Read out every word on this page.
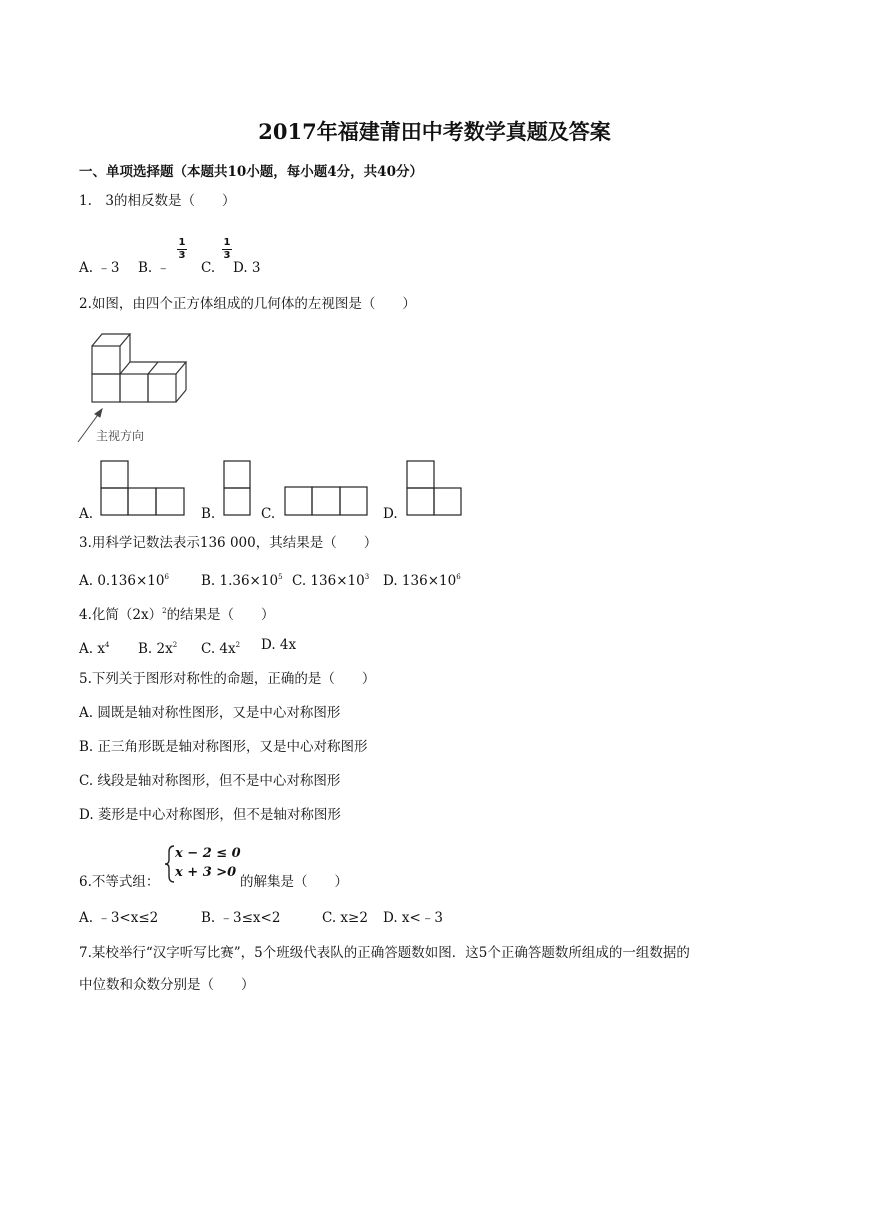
2017年福建莆田中考数学真题及答案
一、单项选择题（本题共10小题，每小题4分，共40分）
1.　3的相反数是（　　）
A. ﹣3 B. ﹣
1
3
C.
1
3
D. 3
2.如图，由四个正方体组成的几何体的左视图是（　　）
主视方向
A.	B.	C.	D.
3.用科学记数法表示136 000，其结果是（　　）
A. $0.136\times 10^6$ B. $1.36\times 10^5$ C. $136\times 10^3$ D. $136\times 10^6$
4.化简$(2x)^2$的结果是（　　）
A. $x^4$ B. $2x^2$ C. $4x^2$ D. 4x
5.下列关于图形对称性的命题，正确的是（　　）
A. 圆既是轴对称性图形，又是中心对称图形
B. 正三角形既是轴对称图形，又是中心对称图形
C. 线段是轴对称图形，但不是中心对称图形
D. 菱形是中心对称图形，但不是轴对称图形
6.不等式组：
x − 2 ≤ 0
x + 3 >0
的解集是（　　）
A. ﹣3<x≤2	B. ﹣3≤x<2	C. x≥2 D. x<﹣3
7.某校举行“汉字听写比赛”，5个班级代表队的正确答题数如图．这5个正确答题数所组成的一组数据的
中位数和众数分别是（　　）
